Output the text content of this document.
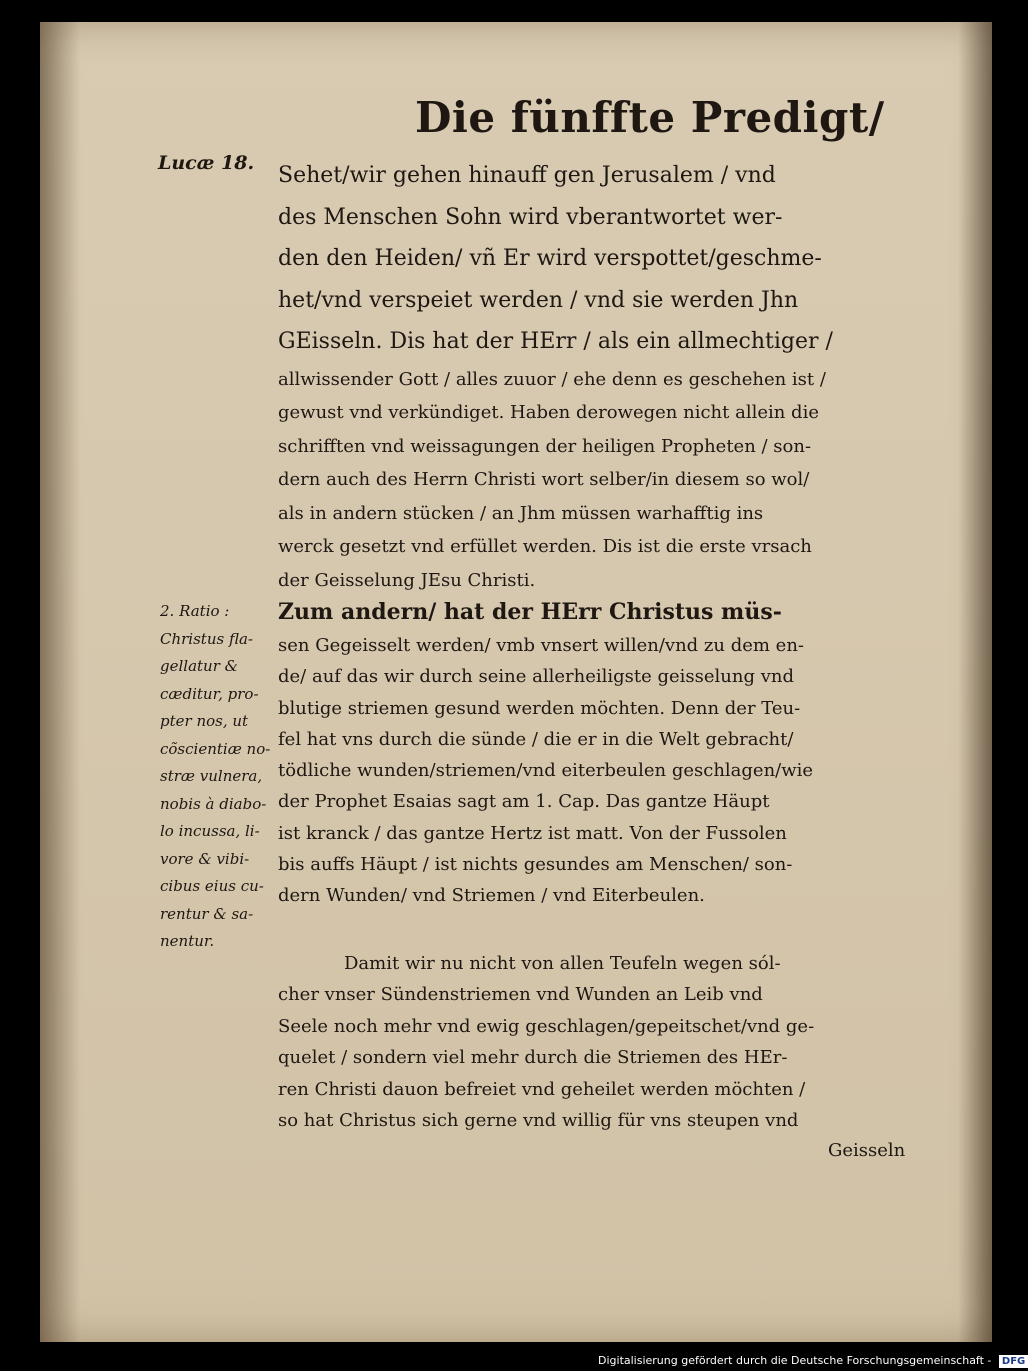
Die fünffte Predigt/
Lucæ 18. Sehet/wir gehen hinauff gen Jerusalem / vnd
des Menschen Sohn wird vberantwortet wer-
den den Heiden/ vñ Er wird verspottet/geschme-
het/vnd verspeiet werden / vnd sie werden Jhn
GEisseln. Dis hat der HErr / als ein allmechtiger /
allwissender Gott / alles zuuor / ehe denn es geschehen ist /
gewust vnd verkündiget. Haben derowegen nicht allein die
schrifften vnd weissagungen der heiligen Propheten / son-
dern auch des Herrn Christi wort selber/in diesem so wol/
als in andern stücken / an Jhm müssen warhafftig ins
werck gesetzt vnd erfüllet werden. Dis ist die erste vrsach
der Geisselung JEsu Christi.
2. Ratio :
Christus fla-
gellatur &
cæditur, pro-
pter nos, ut
cõscientiæ no-
stræ vulnera,
nobis à diabo-
lo incussa, li-
vore & vibi-
cibus eius cu-
rentur & sa-
nentur.
Zum andern/ hat der HErr Christus müs-
sen Gegeisselt werden/ vmb vnsert willen/vnd zu dem en-
de/ auf das wir durch seine allerheiligste geisselung vnd
blutige striemen gesund werden möchten. Denn der Teu-
fel hat vns durch die sünde / die er in die Welt gebracht/
tödliche wunden/striemen/vnd eiterbeulen geschlagen/wie
der Prophet Esaias sagt am 1. Cap. Das gantze Häupt
ist kranck / das gantze Hertz ist matt. Von der Fussolen
bis auffs Häupt / ist nichts gesundes am Menschen/ son-
dern Wunden/ vnd Striemen / vnd Eiterbeulen.
Damit wir nu nicht von allen Teufeln wegen sól-
cher vnser Sündenstriemen vnd Wunden an Leib vnd
Seele noch mehr vnd ewig geschlagen/gepeitschet/vnd ge-
quelet / sondern viel mehr durch die Striemen des HEr-
ren Christi dauon befreiet vnd geheilet werden möchten /
so hat Christus sich gerne vnd willig für vns steupen vnd
Geisseln
Digitalisierung gefördert durch die Deutsche Forschungsgemeinschaft - DFG
